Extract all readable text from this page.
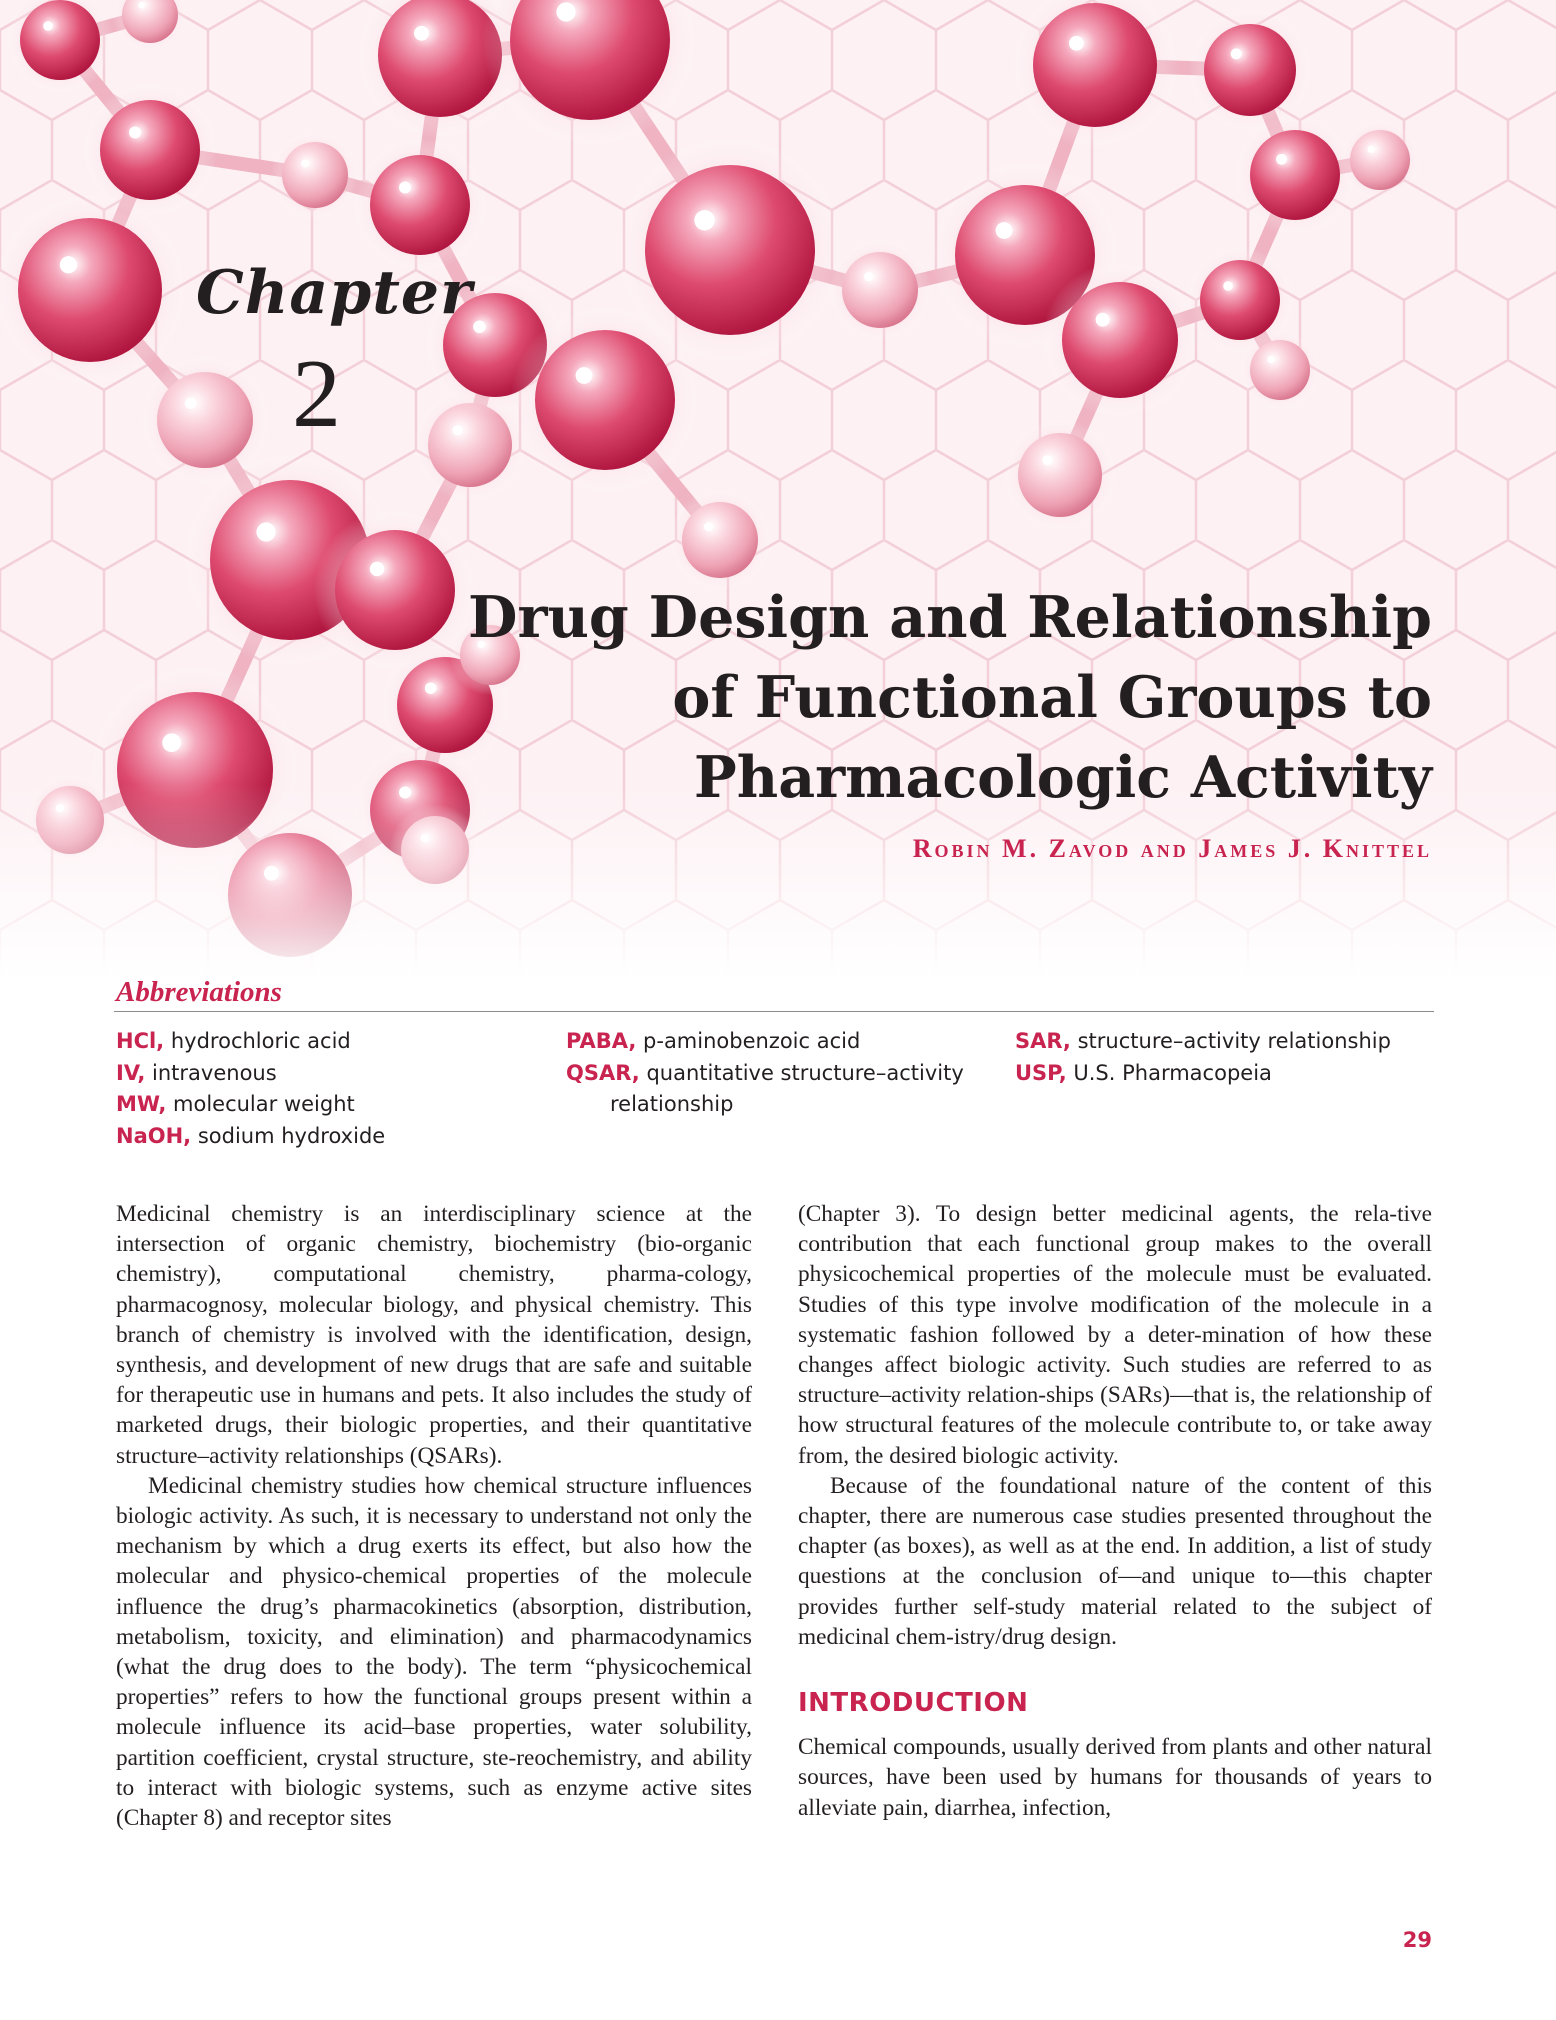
Chapter
2
Drug Design and Relationship
of Functional Groups to
Pharmacologic Activity
Robin M. Zavod and James J. Knittel
Abbreviations
HCl, hydrochloric acid
IV, intravenous
MW, molecular weight
NaOH, sodium hydroxide
PABA, p-aminobenzoic acid
QSAR, quantitative structure–activity relationship
SAR, structure–activity relationship
USP, U.S. Pharmacopeia

Medicinal chemistry is an interdisciplinary science at the intersection of organic chemistry, biochemistry (bio-organic chemistry), computational chemistry, pharma-cology, pharmacognosy, molecular biology, and physical chemistry. This branch of chemistry is involved with the identification, design, synthesis, and development of new drugs that are safe and suitable for therapeutic use in humans and pets. It also includes the study of marketed drugs, their biologic properties, and their quantitative structure–activity relationships (QSARs).

Medicinal chemistry studies how chemical structure influences biologic activity. As such, it is necessary to understand not only the mechanism by which a drug exerts its effect, but also how the molecular and physico-chemical properties of the molecule influence the drug’s pharmacokinetics (absorption, distribution, metabolism, toxicity, and elimination) and pharmacodynamics (what the drug does to the body). The term “physicochemical properties” refers to how the functional groups present within a molecule influence its acid–base properties, water solubility, partition coefficient, crystal structure, ste-reochemistry, and ability to interact with biologic systems, such as enzyme active sites (Chapter 8) and receptor sites

(Chapter 3). To design better medicinal agents, the rela-tive contribution that each functional group makes to the overall physicochemical properties of the molecule must be evaluated. Studies of this type involve modification of the molecule in a systematic fashion followed by a deter-mination of how these changes affect biologic activity. Such studies are referred to as structure–activity relation-ships (SARs)—that is, the relationship of how structural features of the molecule contribute to, or take away from, the desired biologic activity.

Because of the foundational nature of the content of this chapter, there are numerous case studies presented throughout the chapter (as boxes), as well as at the end. In addition, a list of study questions at the conclusion of—and unique to—this chapter provides further self-study material related to the subject of medicinal chem-istry/drug design.

INTRODUCTION

Chemical compounds, usually derived from plants and other natural sources, have been used by humans for thousands of years to alleviate pain, diarrhea, infection,

29
